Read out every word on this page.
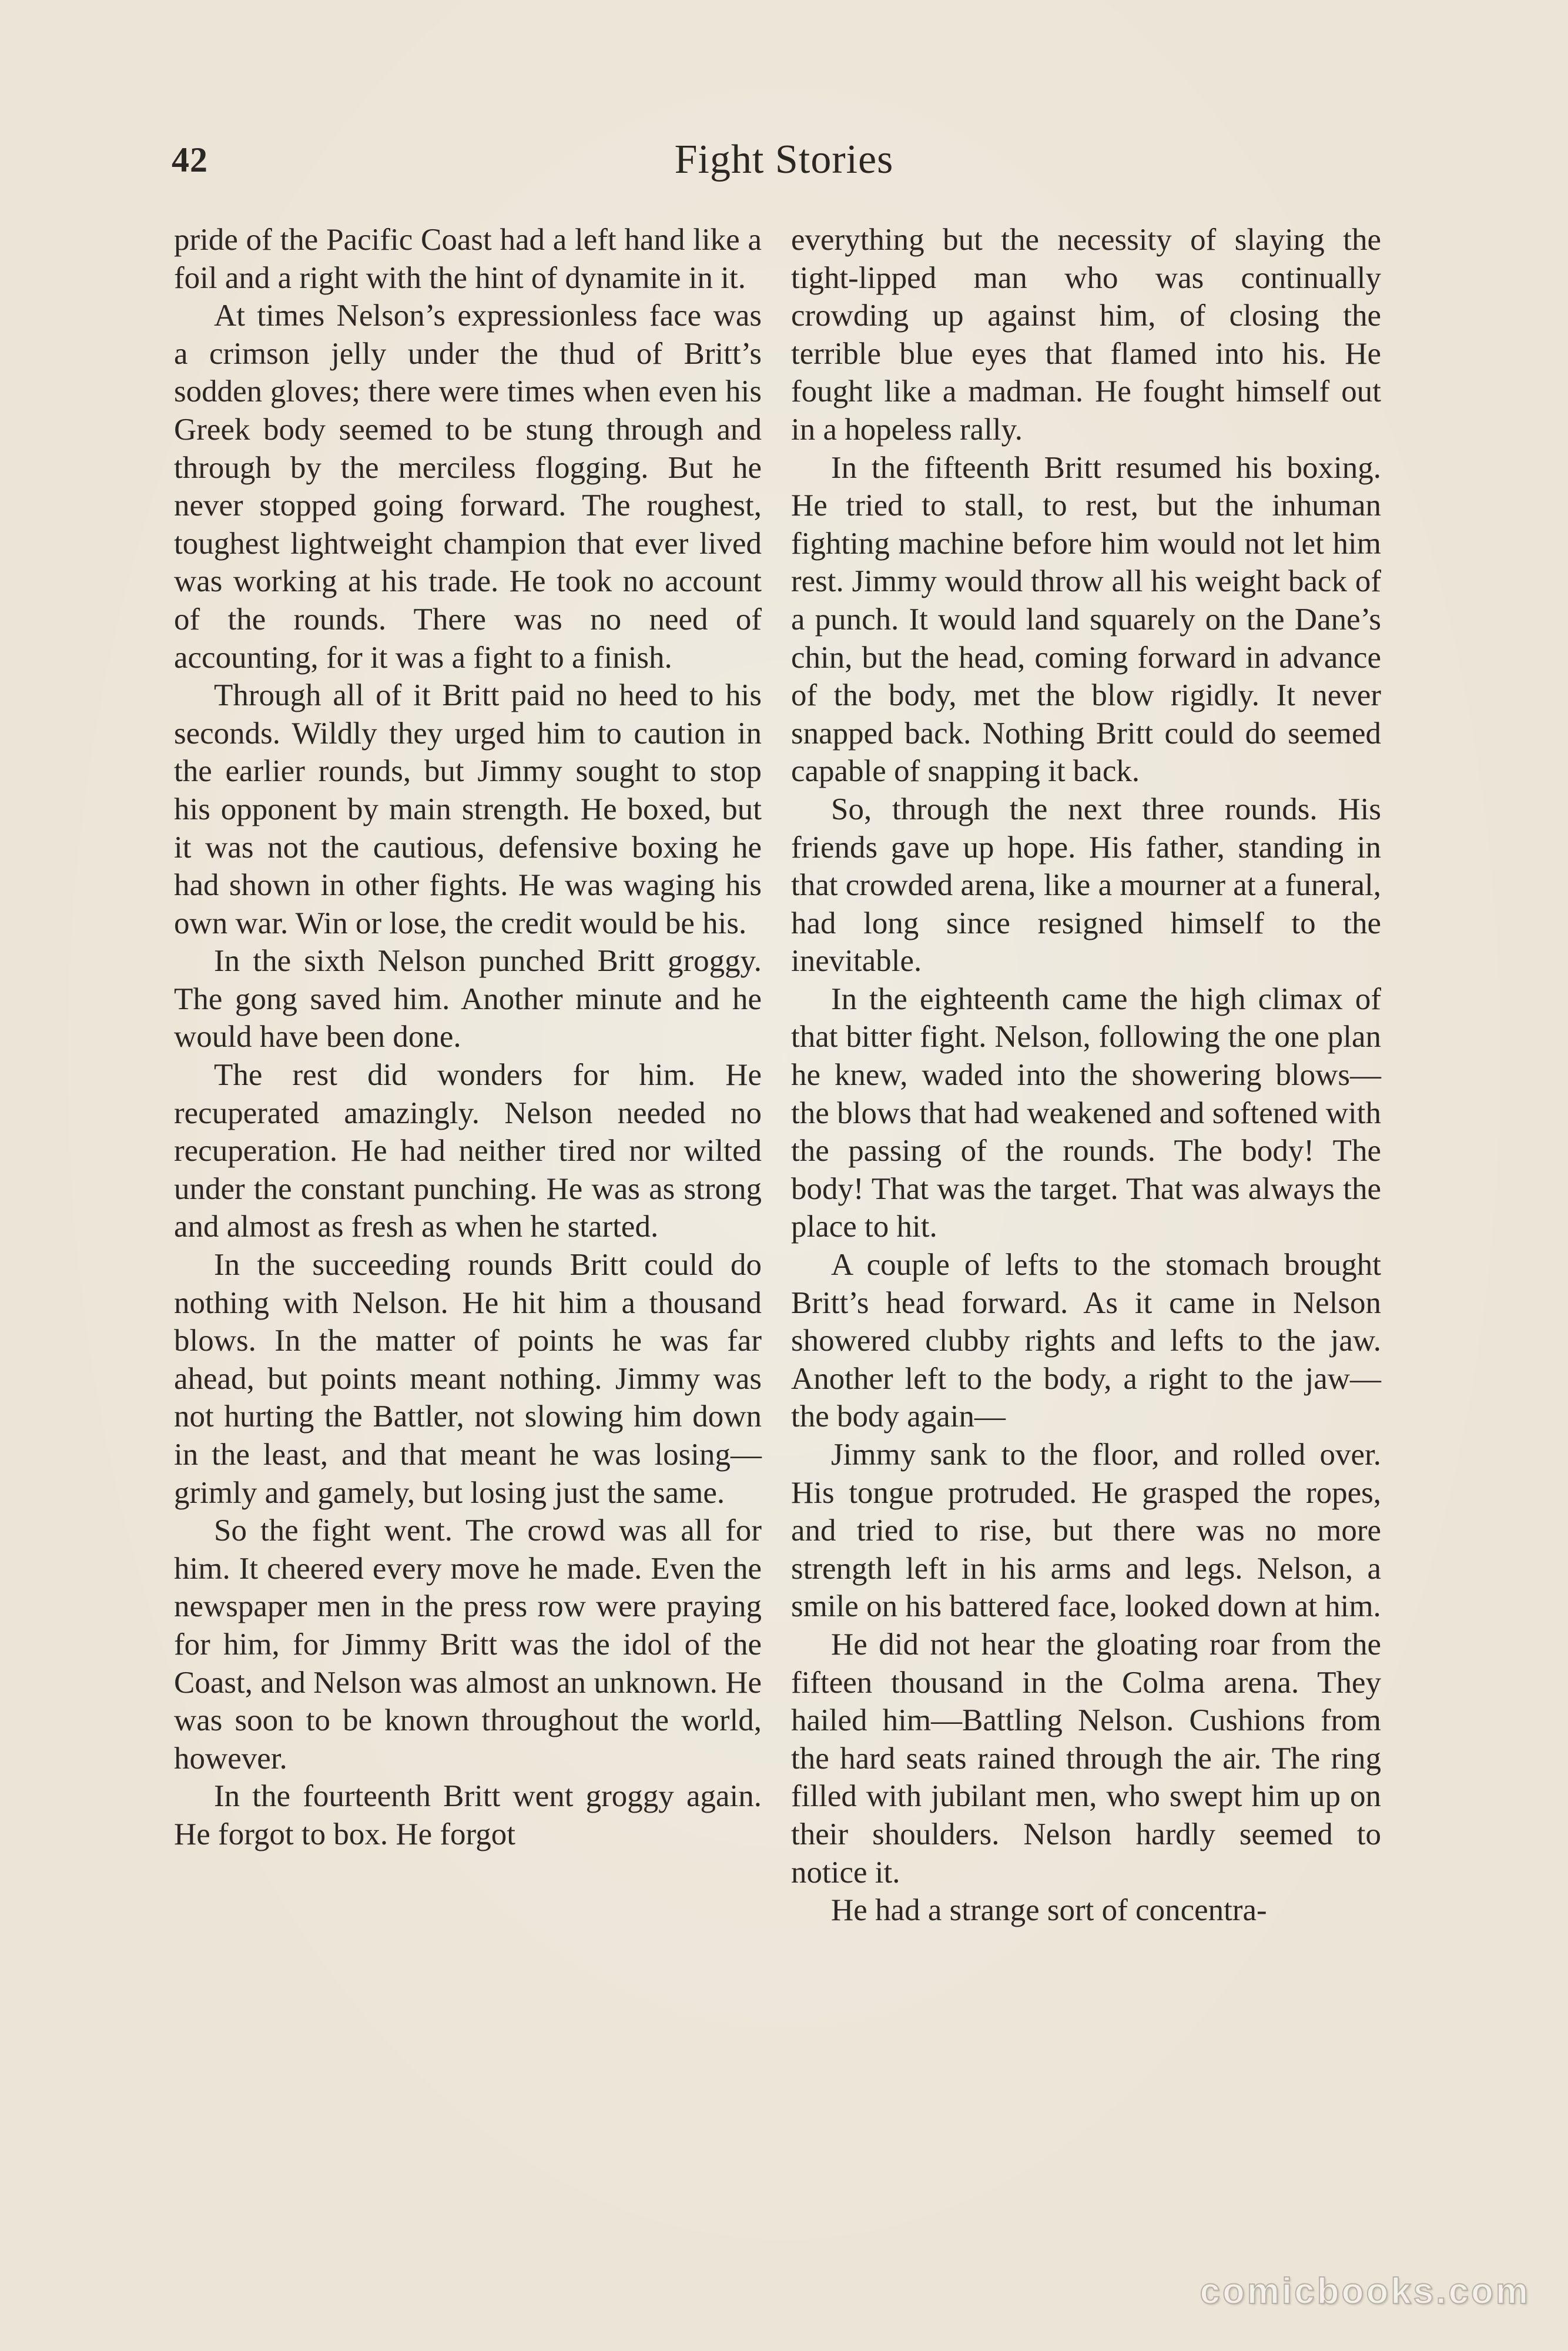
42	Fight Stories

pride of the Pacific Coast had a left hand like a foil and a right with the hint of dynamite in it.

At times Nelson’s expressionless face was a crimson jelly under the thud of Britt’s sodden gloves; there were times when even his Greek body seemed to be stung through and through by the merciless flogging. But he never stopped going forward. The roughest, toughest lightweight champion that ever lived was working at his trade. He took no account of the rounds. There was no need of accounting, for it was a fight to a finish.

Through all of it Britt paid no heed to his seconds. Wildly they urged him to caution in the earlier rounds, but Jimmy sought to stop his opponent by main strength. He boxed, but it was not the cautious, defensive boxing he had shown in other fights. He was waging his own war. Win or lose, the credit would be his.

In the sixth Nelson punched Britt groggy. The gong saved him. Another minute and he would have been done.

The rest did wonders for him. He recuperated amazingly. Nelson needed no recuperation. He had neither tired nor wilted under the constant punching. He was as strong and almost as fresh as when he started.

In the succeeding rounds Britt could do nothing with Nelson. He hit him a thousand blows. In the matter of points he was far ahead, but points meant nothing. Jimmy was not hurting the Battler, not slowing him down in the least, and that meant he was losing— grimly and gamely, but losing just the same.

So the fight went. The crowd was all for him. It cheered every move he made. Even the newspaper men in the press row were praying for him, for Jimmy Britt was the idol of the Coast, and Nelson was almost an unknown. He was soon to be known throughout the world, however.

In the fourteenth Britt went groggy again. He forgot to box. He forgot

everything but the necessity of slaying the tight-lipped man who was continually crowding up against him, of closing the terrible blue eyes that flamed into his. He fought like a madman. He fought himself out in a hopeless rally.

In the fifteenth Britt resumed his boxing. He tried to stall, to rest, but the inhuman fighting machine before him would not let him rest. Jimmy would throw all his weight back of a punch. It would land squarely on the Dane’s chin, but the head, coming forward in advance of the body, met the blow rigidly. It never snapped back. Nothing Britt could do seemed capable of snapping it back.

So, through the next three rounds. His friends gave up hope. His father, standing in that crowded arena, like a mourner at a funeral, had long since resigned himself to the inevitable.

In the eighteenth came the high climax of that bitter fight. Nelson, following the one plan he knew, waded into the showering blows—the blows that had weakened and softened with the passing of the rounds. The body! The body! That was the target. That was always the place to hit.

A couple of lefts to the stomach brought Britt’s head forward. As it came in Nelson showered clubby rights and lefts to the jaw. Another left to the body, a right to the jaw—the body again—

Jimmy sank to the floor, and rolled over. His tongue protruded. He grasped the ropes, and tried to rise, but there was no more strength left in his arms and legs. Nelson, a smile on his battered face, looked down at him.

He did not hear the gloating roar from the fifteen thousand in the Colma arena. They hailed him—Battling Nelson. Cushions from the hard seats rained through the air. The ring filled with jubilant men, who swept him up on their shoulders. Nelson hardly seemed to notice it.

He had a strange sort of concentra-

comicbooks.com
